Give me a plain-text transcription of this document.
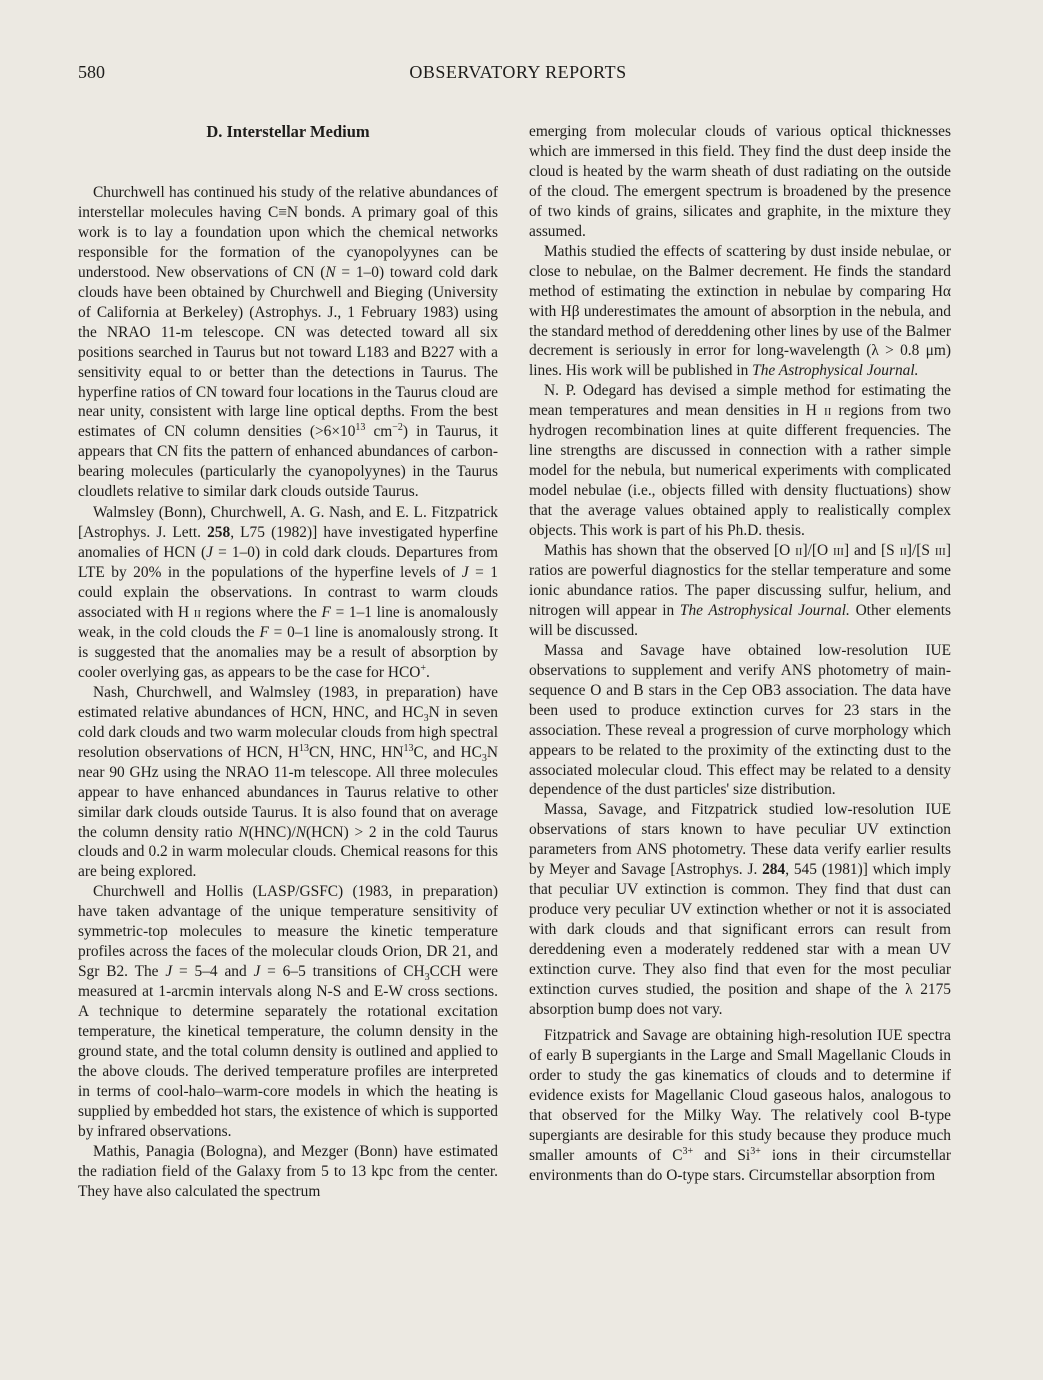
580	OBSERVATORY REPORTS
D. Interstellar Medium

Churchwell has continued his study of the relative abundances of interstellar molecules having C≡N bonds. A primary goal of this work is to lay a foundation upon which the chemical networks responsible for the formation of the cyanopolyynes can be understood. New observations of CN (N = 1–0) toward cold dark clouds have been obtained by Churchwell and Bieging (University of California at Berkeley) (Astrophys. J., 1 February 1983) using the NRAO 11-m telescope. CN was detected toward all six positions searched in Taurus but not toward L183 and B227 with a sensitivity equal to or better than the detections in Taurus. The hyperfine ratios of CN toward four locations in the Taurus cloud are near unity, consistent with large line optical depths. From the best estimates of CN column densities ($>6\times 10^{13}$ $cm^{-2}$) in Taurus, it appears that CN fits the pattern of enhanced abundances of carbon-bearing molecules (particularly the cyanopolyynes) in the Taurus cloudlets relative to similar dark clouds outside Taurus.

Walmsley (Bonn), Churchwell, A. G. Nash, and E. L. Fitzpatrick [Astrophys. J. Lett. 258, L75 (1982)] have investigated hyperfine anomalies of HCN (J = 1–0) in cold dark clouds. Departures from LTE by 20% in the populations of the hyperfine levels of J = 1 could explain the observations. In contrast to warm clouds associated with H ii regions where the F = 1–1 line is anomalously weak, in the cold clouds the F = 0–1 line is anomalously strong. It is suggested that the anomalies may be a result of absorption by cooler overlying gas, as appears to be the case for HCO+.

Nash, Churchwell, and Walmsley (1983, in preparation) have estimated relative abundances of HCN, HNC, and $HC_3N$ in seven cold dark clouds and two warm molecular clouds from high spectral resolution observations of HCN, $H^{13}CN$, HNC, HN$^{13}$C, and $HC_3N$ near 90 GHz using the NRAO 11-m telescope. All three molecules appear to have enhanced abundances in Taurus relative to other similar dark clouds outside Taurus. It is also found that on average the column density ratio N(HNC)/N(HCN) > 2 in the cold Taurus clouds and 0.2 in warm molecular clouds. Chemical reasons for this are being explored.

Churchwell and Hollis (LASP/GSFC) (1983, in preparation) have taken advantage of the unique temperature sensitivity of symmetric-top molecules to measure the kinetic temperature profiles across the faces of the molecular clouds Orion, DR 21, and Sgr B2. The J = 5–4 and J = 6–5 transitions of $CH_3CCH$ were measured at 1-arcmin intervals along N-S and E-W cross sections. A technique to determine separately the rotational excitation temperature, the kinetical temperature, the column density in the ground state, and the total column density is outlined and applied to the above clouds. The derived temperature profiles are interpreted in terms of cool-halo–warm-core models in which the heating is supplied by embedded hot stars, the existence of which is supported by infrared observations.

Mathis, Panagia (Bologna), and Mezger (Bonn) have estimated the radiation field of the Galaxy from 5 to 13 kpc from the center. They have also calculated the spectrum

emerging from molecular clouds of various optical thicknesses which are immersed in this field. They find the dust deep inside the cloud is heated by the warm sheath of dust radiating on the outside of the cloud. The emergent spectrum is broadened by the presence of two kinds of grains, silicates and graphite, in the mixture they assumed.

Mathis studied the effects of scattering by dust inside nebulae, or close to nebulae, on the Balmer decrement. He finds the standard method of estimating the extinction in nebulae by comparing Hα with Hβ underestimates the amount of absorption in the nebula, and the standard method of dereddening other lines by use of the Balmer decrement is seriously in error for long-wavelength (λ > 0.8 μm) lines. His work will be published in The Astrophysical Journal.

N. P. Odegard has devised a simple method for estimating the mean temperatures and mean densities in H ii regions from two hydrogen recombination lines at quite different frequencies. The line strengths are discussed in connection with a rather simple model for the nebula, but numerical experiments with complicated model nebulae (i.e., objects filled with density fluctuations) show that the average values obtained apply to realistically complex objects. This work is part of his Ph.D. thesis.

Mathis has shown that the observed [O ii]/[O iii] and [S ii]/[S iii] ratios are powerful diagnostics for the stellar temperature and some ionic abundance ratios. The paper discussing sulfur, helium, and nitrogen will appear in The Astrophysical Journal. Other elements will be discussed.

Massa and Savage have obtained low-resolution IUE observations to supplement and verify ANS photometry of main-sequence O and B stars in the Cep OB3 association. The data have been used to produce extinction curves for 23 stars in the association. These reveal a progression of curve morphology which appears to be related to the proximity of the extincting dust to the associated molecular cloud. This effect may be related to a density dependence of the dust particles' size distribution.

Massa, Savage, and Fitzpatrick studied low-resolution IUE observations of stars known to have peculiar UV extinction parameters from ANS photometry. These data verify earlier results by Meyer and Savage [Astrophys. J. 284, 545 (1981)] which imply that peculiar UV extinction is common. They find that dust can produce very peculiar UV extinction whether or not it is associated with dark clouds and that significant errors can result from dereddening even a moderately reddened star with a mean UV extinction curve. They also find that even for the most peculiar extinction curves studied, the position and shape of the λ 2175 absorption bump does not vary.

Fitzpatrick and Savage are obtaining high-resolution IUE spectra of early B supergiants in the Large and Small Magellanic Clouds in order to study the gas kinematics of clouds and to determine if evidence exists for Magellanic Cloud gaseous halos, analogous to that observed for the Milky Way. The relatively cool B-type supergiants are desirable for this study because they produce much smaller amounts of $C^{3+}$ and $Si^{3+}$ ions in their circumstellar environments than do O-type stars. Circumstellar absorption from
